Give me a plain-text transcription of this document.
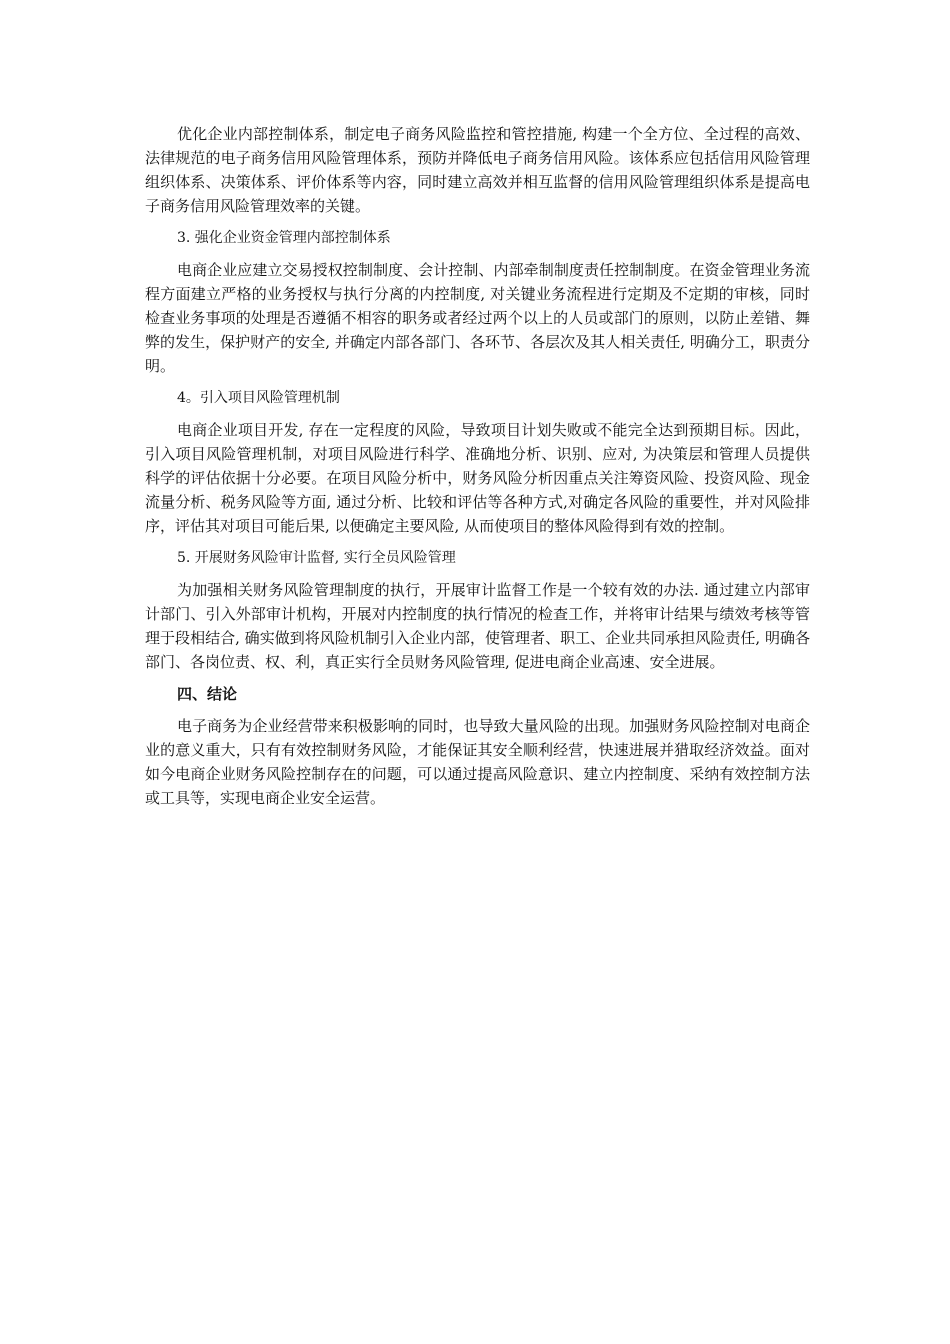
优化企业内部控制体系，制定电子商务风险监控和管控措施, 构建一个全方位、全过程的高效、法律规范的电子商务信用风险管理体系，预防并降低电子商务信用风险。该体系应包括信用风险管理组织体系、决策体系、评价体系等内容，同时建立高效并相互监督的信用风险管理组织体系是提高电子商务信用风险管理效率的关键。

3. 强化企业资金管理内部控制体系

电商企业应建立交易授权控制制度、会计控制、内部牵制制度责任控制制度。在资金管理业务流程方面建立严格的业务授权与执行分离的内控制度, 对关键业务流程进行定期及不定期的审核，同时检查业务事项的处理是否遵循不相容的职务或者经过两个以上的人员或部门的原则，以防止差错、舞弊的发生，保护财产的安全, 并确定内部各部门、各环节、各层次及其人相关责任, 明确分工，职责分明。

4。引入项目风险管理机制

电商企业项目开发, 存在一定程度的风险，导致项目计划失败或不能完全达到预期目标。因此，引入项目风险管理机制，对项目风险进行科学、准确地分析、识别、应对, 为决策层和管理人员提供科学的评估依据十分必要。在项目风险分析中，财务风险分析因重点关注筹资风险、投资风险、现金流量分析、税务风险等方面, 通过分析、比较和评估等各种方式,对确定各风险的重要性，并对风险排序，评估其对项目可能后果, 以便确定主要风险, 从而使项目的整体风险得到有效的控制。

5. 开展财务风险审计监督, 实行全员风险管理

为加强相关财务风险管理制度的执行，开展审计监督工作是一个较有效的办法. 通过建立内部审计部门、引入外部审计机构，开展对内控制度的执行情况的检查工作，并将审计结果与绩效考核等管理于段相结合, 确实做到将风险机制引入企业内部，使管理者、职工、企业共同承担风险责任, 明确各部门、各岗位责、权、利，真正实行全员财务风险管理, 促进电商企业高速、安全进展。

四、结论

电子商务为企业经营带来积极影响的同时，也导致大量风险的出现。加强财务风险控制对电商企业的意义重大，只有有效控制财务风险，才能保证其安全顺利经营，快速进展并猎取经济效益。面对如今电商企业财务风险控制存在的问题，可以通过提高风险意识、建立内控制度、采纳有效控制方法或工具等，实现电商企业安全运营。
